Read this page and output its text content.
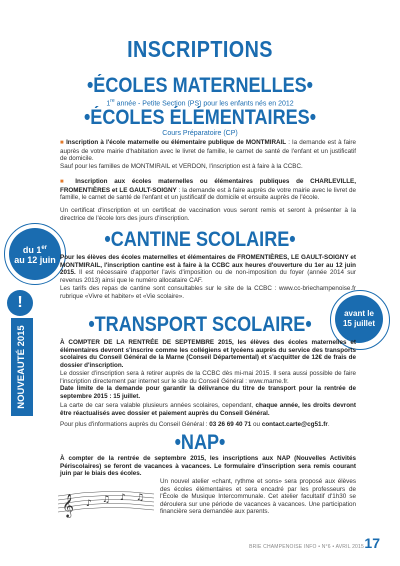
INSCRIPTIONS
•ÉCOLES MATERNELLES•
1re année - Petite Section (PS) pour les enfants nés en 2012
•ÉCOLES ÉLÉMENTAIRES•
Cours Préparatoire (CP)
■ Inscription à l'école maternelle ou élémentaire publique de MONTMIRAIL : la demande est à faire auprès de votre mairie d'habitation avec le livret de famille, le carnet de santé de l'enfant et un justificatif de domicile.
Sauf pour les familles de MONTMIRAIL et VERDON, l'inscription est à faire à la CCBC.
■ Inscription aux écoles maternelles ou élémentaires publiques de CHARLEVILLE, FROMENTIÈRES et LE GAULT-SOIGNY : la demande est à faire auprès de votre mairie avec le livret de famille, le carnet de santé de l'enfant et un justificatif de domicile et ensuite auprès de l'école.
Un certificat d'inscription et un certificat de vaccination vous seront remis et seront à présenter à la directrice de l'école lors des jours d'inscription.
du 1er
au 12 juin
•CANTINE SCOLAIRE•
Pour les élèves des écoles maternelles et élémentaires de FROMENTIÈRES, LE GAULT-SOIGNY et MONTMIRAIL, l'inscription cantine est à faire à la CCBC aux heures d'ouverture du 1er au 12 juin 2015. Il est nécessaire d'apporter l'avis d'imposition ou de non-imposition du foyer (année 2014 sur revenus 2013) ainsi que le numéro allocataire CAF.
Les tarifs des repas de cantine sont consultables sur le site de la CCBC : www.cc-briechampenoise.fr rubrique «Vivre et habiter» et «Vie scolaire».
avant le
15 juillet
!
NOUVEAUTÉ 2015
•TRANSPORT SCOLAIRE•
À COMPTER DE LA RENTRÉE DE SEPTEMBRE 2015, les élèves des écoles maternelles et élémentaires devront s'inscrire comme les collégiens et lycéens auprès du service des transports scolaires du Conseil Général de la Marne (Conseil Départemental) et s'acquitter de 12€ de frais de dossier d'inscription.
Le dossier d'inscription sera à retirer auprès de la CCBC dès mi-mai 2015. Il sera aussi possible de faire l'inscription directement par internet sur le site du Conseil Général : www.marne.fr.
Date limite de la demande pour garantir la délivrance du titre de transport pour la rentrée de septembre 2015 : 15 juillet.
La carte de car sera valable plusieurs années scolaires, cependant, chaque année, les droits devront être réactualisés avec dossier et paiement auprès du Conseil Général.
Pour plus d'informations auprès du Conseil Général : 03 26 69 40 71 ou contact.carte@cg51.fr.
•NAP•
À compter de la rentrée de septembre 2015, les inscriptions aux NAP (Nouvelles Activités Périscolaires) se feront de vacances à vacances. Le formulaire d'inscription sera remis courant juin par le biais des écoles.
Un nouvel atelier «chant, rythme et sons» sera proposé aux élèves des écoles élémentaires et sera encadré par les professeurs de l'École de Musique Intercommunale. Cet atelier facultatif d'1h30 se déroulera sur une période de vacances à vacances. Une participation financière sera demandée aux parents.
𝄞 ♪ ♫ ♪ ♫
BRIE CHAMPENOISE INFO • N°6 • AVRIL 2015 17
